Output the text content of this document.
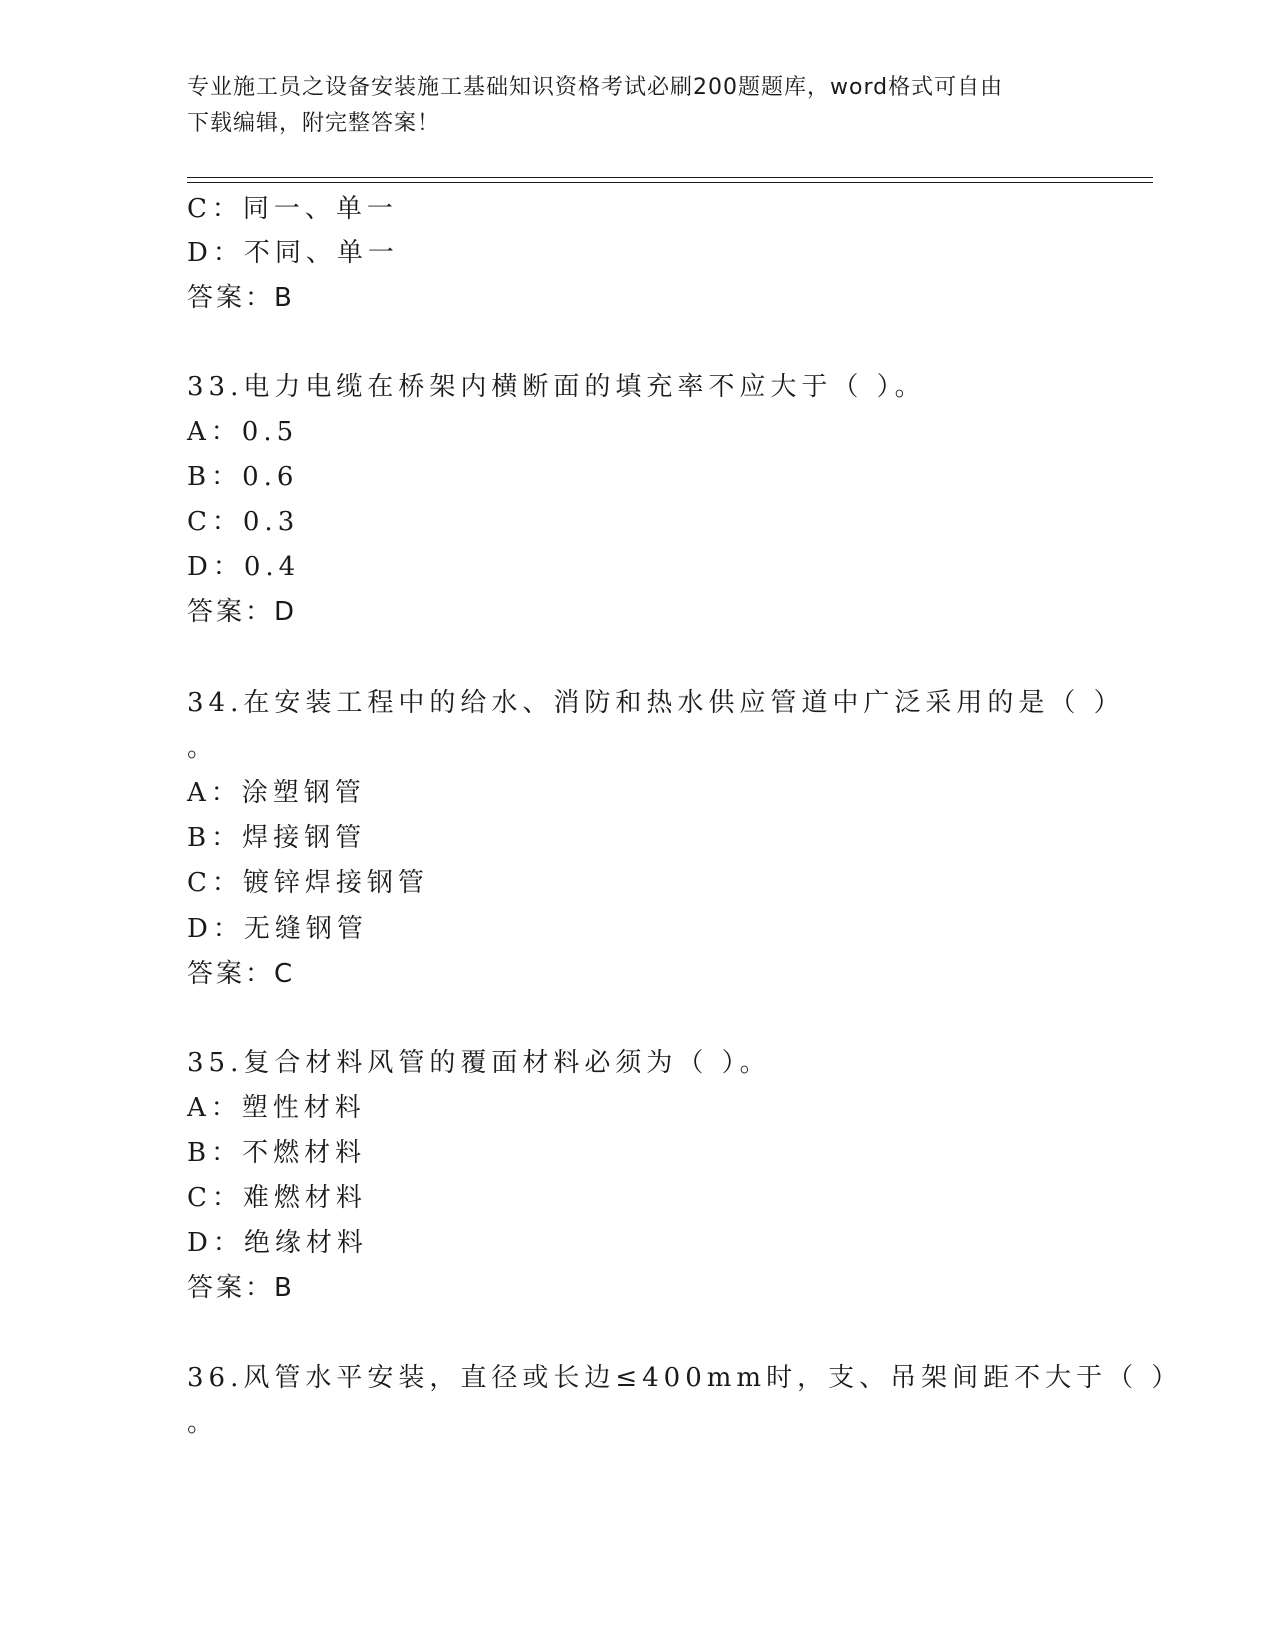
专业施工员之设备安装施工基础知识资格考试必刷200题题库，word格式可自由
下载编辑，附完整答案！
C：同一、单一
D：不同、单一
答案：B
33.电力电缆在桥架内横断面的填充率不应大于（ ）。
A：0.5
B：0.6
C：0.3
D：0.4
答案：D
34.在安装工程中的给水、消防和热水供应管道中广泛采用的是（ ）
。
A：涂塑钢管
B：焊接钢管
C：镀锌焊接钢管
D：无缝钢管
答案：C
35.复合材料风管的覆面材料必须为（ ）。
A：塑性材料
B：不燃材料
C：难燃材料
D：绝缘材料
答案：B
36.风管水平安装，直径或长边≤400mm时，支、吊架间距不大于（ ）
。
